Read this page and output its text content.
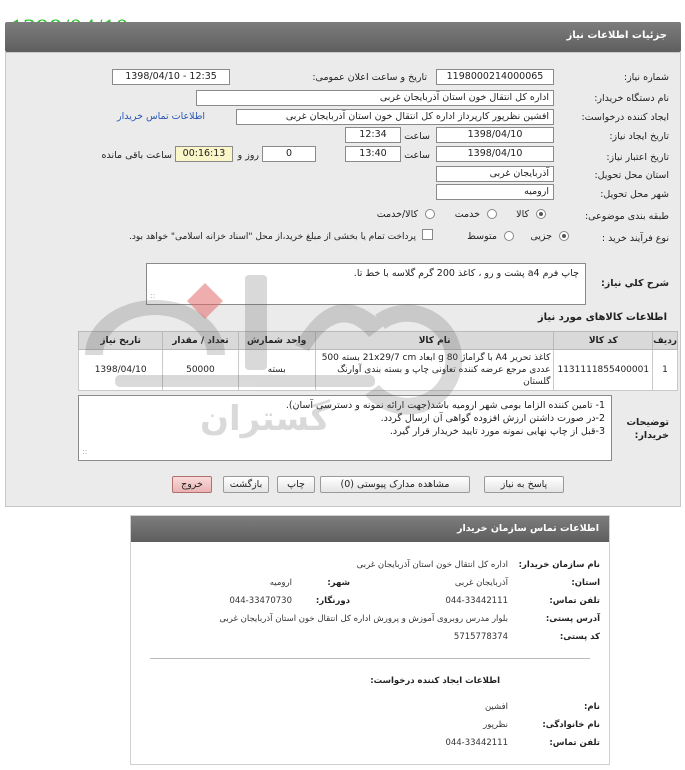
جزئیات اطلاعات نیاز
شماره نیاز:
1198000214000065
تاریخ و ساعت اعلان عمومی:
1398/04/10 - 12:35
نام دستگاه خریدار:
اداره کل انتقال خون استان آذربایجان غربی
ایجاد کننده درخواست:
افشین نظرپور کارپرداز اداره کل انتقال خون استان آذربایجان غربی
اطلاعات تماس خریدار
تاریخ ایجاد نیاز:
1398/04/10
ساعت
12:34
تاریخ اعتبار نیاز:
1398/04/10
ساعت
13:40
0
روز و
00:16:13
ساعت باقی مانده
استان محل تحویل:
آذربایجان غربی
شهر محل تحویل:
ارومیه
طبقه بندی موضوعی:
کالا
خدمت
کالا/خدمت
نوع فرآیند خرید :
جزیی
متوسط
پرداخت تمام یا بخشی از مبلغ خرید،از محل "اسناد خزانه اسلامی" خواهد بود.
شرح کلي نياز:
چاپ فرم a4 پشت و رو ، کاغذ 200 گرم گلاسه با خط تا.
::
اطلاعات کالاهای مورد نیاز
ردیف	کد کالا	نام کالا	واحد شمارش	تعداد / مقدار	تاریخ نیاز
1	1131111855400001	کاغذ تحریر A4 با گراماژ 80 g ابعاد 21x29/7 cm بسته 500 عددی مرجع عرضه کننده تعاونی چاپ و بسته بندی آوارنگ گلستان	بسته	50000	1398/04/10
توضیحات خریدار:
1- تامین کننده الزاما بومی شهر ارومیه باشد(جهت ارائه نمونه و دسترسی آسان).
2-در صورت داشتن ارزش افزوده گواهی آن ارسال گردد.
3-قبل از چاپ نهایی نمونه مورد تایید خریدار قرار گیرد.
::
پاسخ به نیاز
مشاهده مدارک پیوستی (0)
چاپ
بازگشت
خروج
اطلاعات تماس سازمان خریدار
نام سازمان خریدار:
اداره کل انتقال خون استان آذربایجان غربی
استان:
آذربایجان غربی
شهر:
ارومیه
تلفن تماس:
044-33442111
دورنگار:
044-33470730
آدرس پستی:
بلوار مدرس روبروی آموزش و پرورش اداره کل انتقال خون استان آذربایجان غربی
کد پستی:
5715778374
اطلاعات ایجاد کننده درخواست:
نام:
افشین
نام خانوادگی:
نظرپور
تلفن تماس:
044-33442111
گستران
